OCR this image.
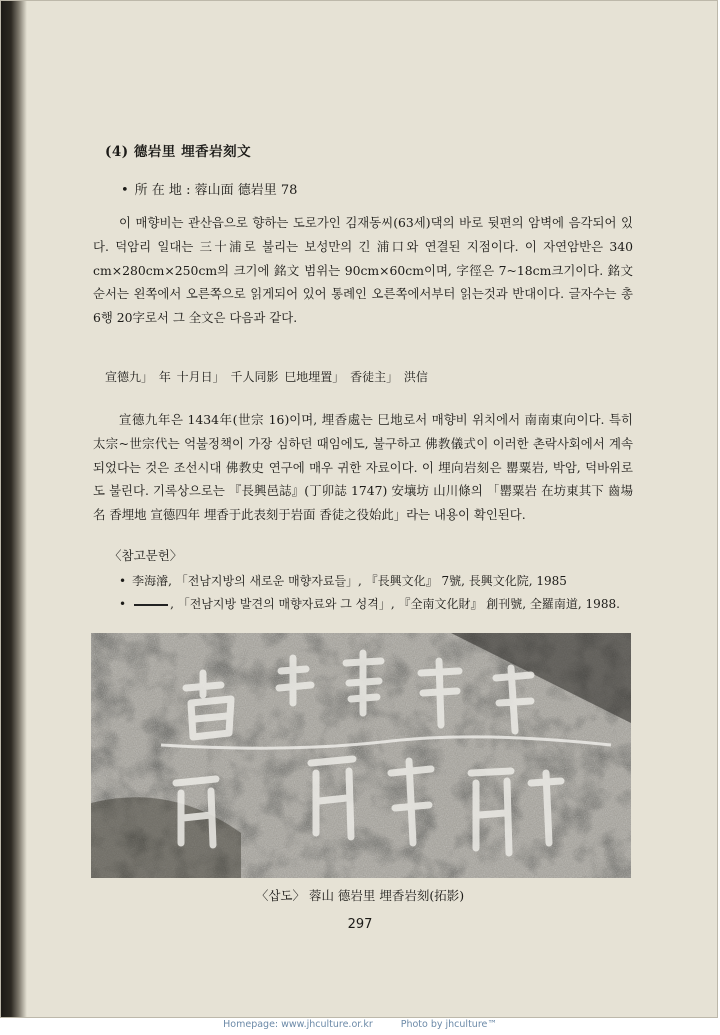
(4) 德岩里 埋香岩刻文
• 所 在 地 : 蓉山面 德岩里 78

이 매향비는 관산읍으로 향하는 도로가인 김재동씨(63세)댁의 바로 뒷편의 암벽에 음각되어 있다. 덕암리 일대는 三十浦로 불리는 보성만의 긴 浦口와 연결된 지점이다. 이 자연암반은 340 cm×280cm×250cm의 크기에 銘文 범위는 90cm×60cm이며, 字徑은 7~18cm크기이다. 銘文순서는 왼쪽에서 오른쪽으로 읽게되어 있어 통례인 오른쪽에서부터 읽는것과 반대이다. 글자수는 총 6행 20字로서 그 全文은 다음과 같다.

宣德九」 年 十月日」 千人同影 巳地埋置」 香徒主」 洪信

宣德九年은 1434年(世宗 16)이며, 埋香處는 巳地로서 매향비 위치에서 南南東向이다. 특히 太宗~世宗代는 억불정책이 가장 심하던 때임에도, 불구하고 佛教儀式이 이러한 촌락사회에서 계속 되었다는 것은 조선시대 佛教史 연구에 매우 귀한 자료이다. 이 埋向岩刻은 罌粟岩, 박암, 덕바위로도 불린다. 기록상으로는 『長興邑誌』(丁卯誌 1747) 安壤坊 山川條의 「罌粟岩 在坊東其下 齒場名 香埋地 宣德四年 埋香于此表刻于岩面 香徒之役始此」라는 내용이 확인된다.

〈참고문헌〉
• 李海濬, 「전남지방의 새로운 매향자료들」, 『長興文化』 7號, 長興文化院, 1985
•	, 「전남지방 발견의 매향자료와 그 성격」, 『全南文化財』 創刊號, 全羅南道, 1988.
〈삽도〉 蓉山 德岩里 埋香岩刻(拓影)
297
Homepage: www.jhculture.or.kr	Photo by jhculture™
